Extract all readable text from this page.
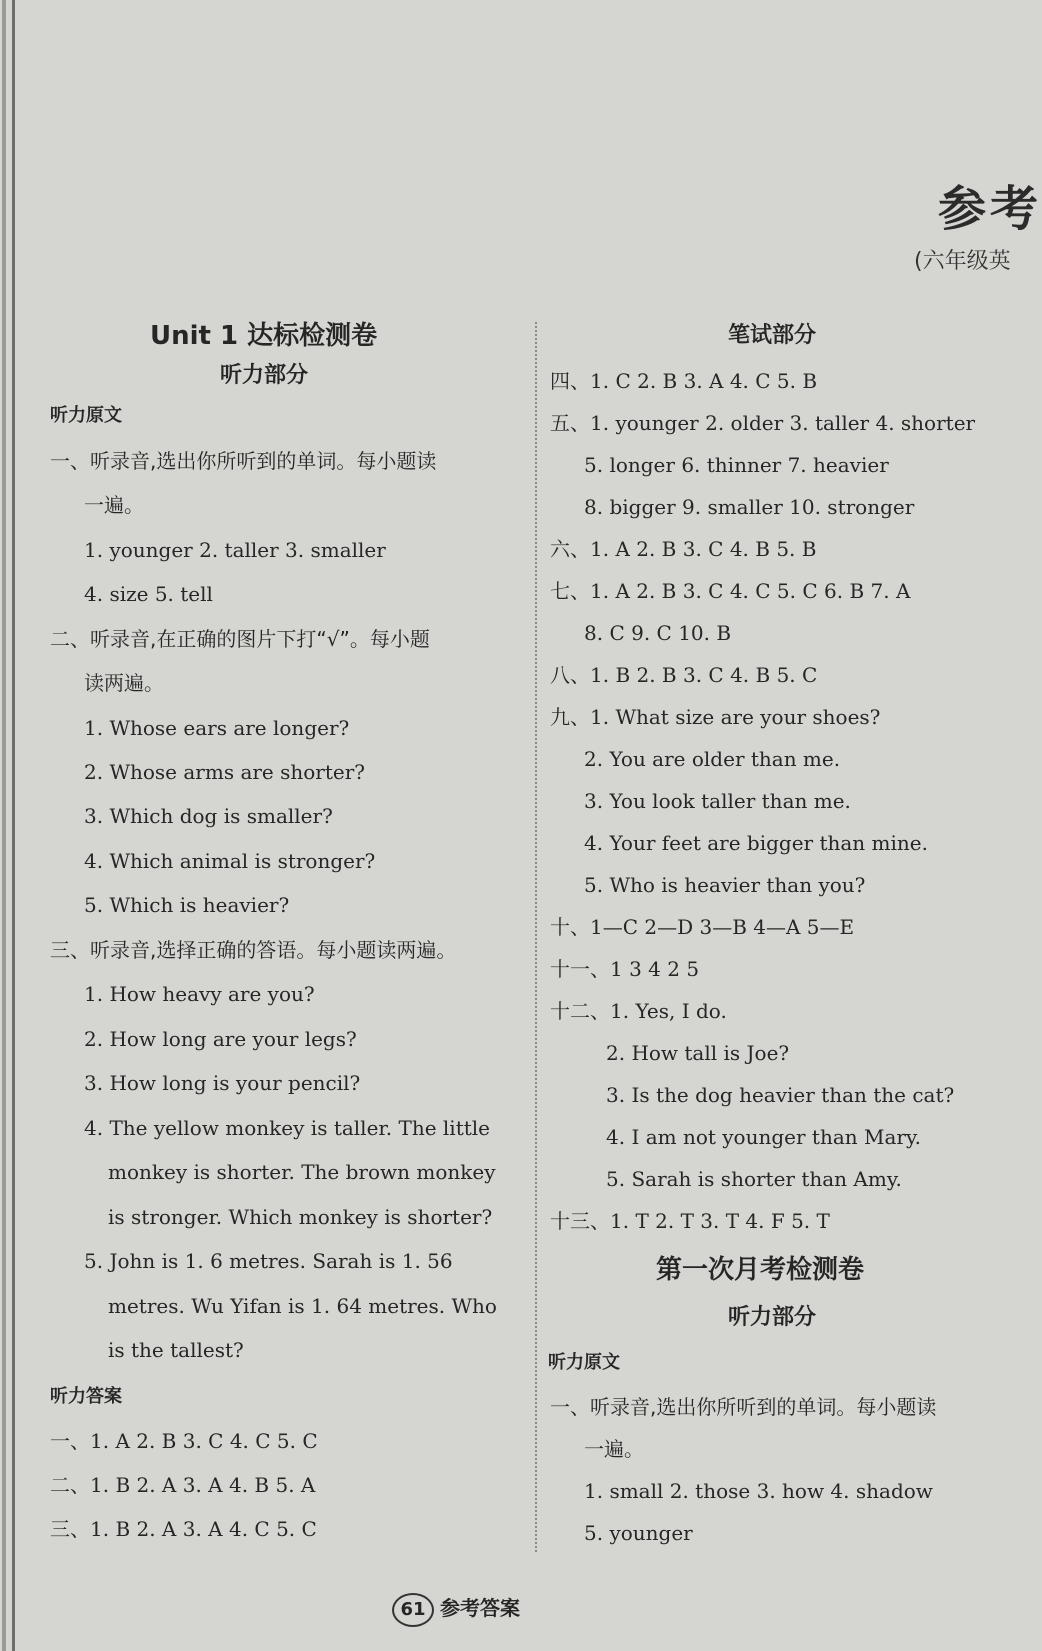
参考
(六年级英
Unit 1 达标检测卷
听力部分
听力原文
一、听录音,选出你所听到的单词。每小题读
一遍。
1. younger 2. taller 3. smaller
4. size 5. tell
二、听录音,在正确的图片下打“√”。每小题
读两遍。
1. Whose ears are longer?
2. Whose arms are shorter?
3. Which dog is smaller?
4. Which animal is stronger?
5. Which is heavier?
三、听录音,选择正确的答语。每小题读两遍。
1. How heavy are you?
2. How long are your legs?
3. How long is your pencil?
4. The yellow monkey is taller. The little
monkey is shorter. The brown monkey
is stronger. Which monkey is shorter?
5. John is 1. 6 metres. Sarah is 1. 56
metres. Wu Yifan is 1. 64 metres. Who
is the tallest?
听力答案
一、1. A 2. B 3. C 4. C 5. C
二、1. B 2. A 3. A 4. B 5. A
三、1. B 2. A 3. A 4. C 5. C
笔试部分
四、1. C 2. B 3. A 4. C 5. B
五、1. younger 2. older 3. taller 4. shorter
5. longer 6. thinner 7. heavier
8. bigger 9. smaller 10. stronger
六、1. A 2. B 3. C 4. B 5. B
七、1. A 2. B 3. C 4. C 5. C 6. B 7. A
8. C 9. C 10. B
八、1. B 2. B 3. C 4. B 5. C
九、1. What size are your shoes?
2. You are older than me.
3. You look taller than me.
4. Your feet are bigger than mine.
5. Who is heavier than you?
十、1—C 2—D 3—B 4—A 5—E
十一、1 3 4 2 5
十二、1. Yes, I do.
2. How tall is Joe?
3. Is the dog heavier than the cat?
4. I am not younger than Mary.
5. Sarah is shorter than Amy.
十三、1. T 2. T 3. T 4. F 5. T
第一次月考检测卷
听力部分
听力原文
一、听录音,选出你所听到的单词。每小题读
一遍。
1. small 2. those 3. how 4. shadow
5. younger
61 参考答案
